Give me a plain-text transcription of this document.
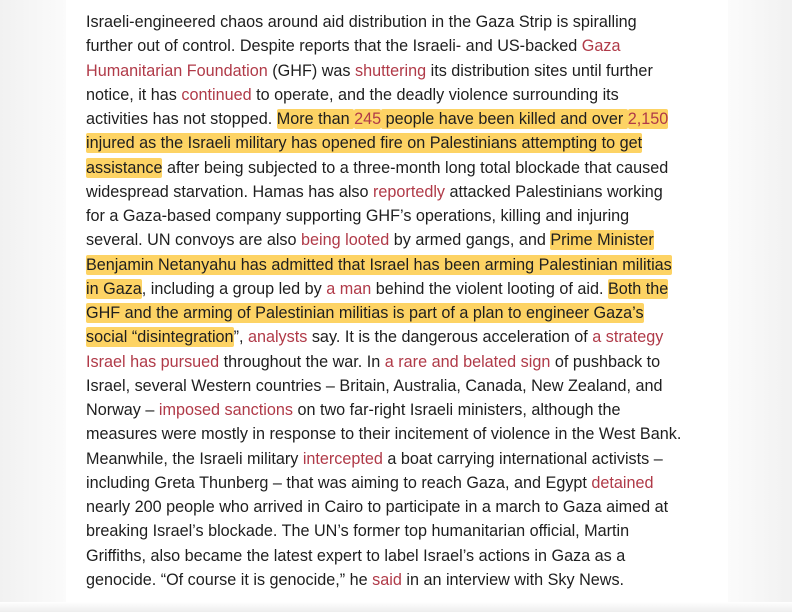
Israeli-engineered chaos around aid distribution in the Gaza Strip is spiralling
further out of control. Despite reports that the Israeli- and US-backed Gaza
Humanitarian Foundation (GHF) was shuttering its distribution sites until further
notice, it has continued to operate, and the deadly violence surrounding its
activities has not stopped. More than 245 people have been killed and over 2,150
injured as the Israeli military has opened fire on Palestinians attempting to get
assistance after being subjected to a three-month long total blockade that caused
widespread starvation. Hamas has also reportedly attacked Palestinians working
for a Gaza-based company supporting GHF’s operations, killing and injuring
several. UN convoys are also being looted by armed gangs, and Prime Minister
Benjamin Netanyahu has admitted that Israel has been arming Palestinian militias
in Gaza, including a group led by a man behind the violent looting of aid. Both the
GHF and the arming of Palestinian militias is part of a plan to engineer Gaza’s
social “disintegration”, analysts say. It is the dangerous acceleration of a strategy
Israel has pursued throughout the war. In a rare and belated sign of pushback to
Israel, several Western countries – Britain, Australia, Canada, New Zealand, and
Norway – imposed sanctions on two far-right Israeli ministers, although the
measures were mostly in response to their incitement of violence in the West Bank.
Meanwhile, the Israeli military intercepted a boat carrying international activists –
including Greta Thunberg – that was aiming to reach Gaza, and Egypt detained
nearly 200 people who arrived in Cairo to participate in a march to Gaza aimed at
breaking Israel’s blockade. The UN’s former top humanitarian official, Martin
Griffiths, also became the latest expert to label Israel’s actions in Gaza as a
genocide. “Of course it is genocide,” he said in an interview with Sky News.
